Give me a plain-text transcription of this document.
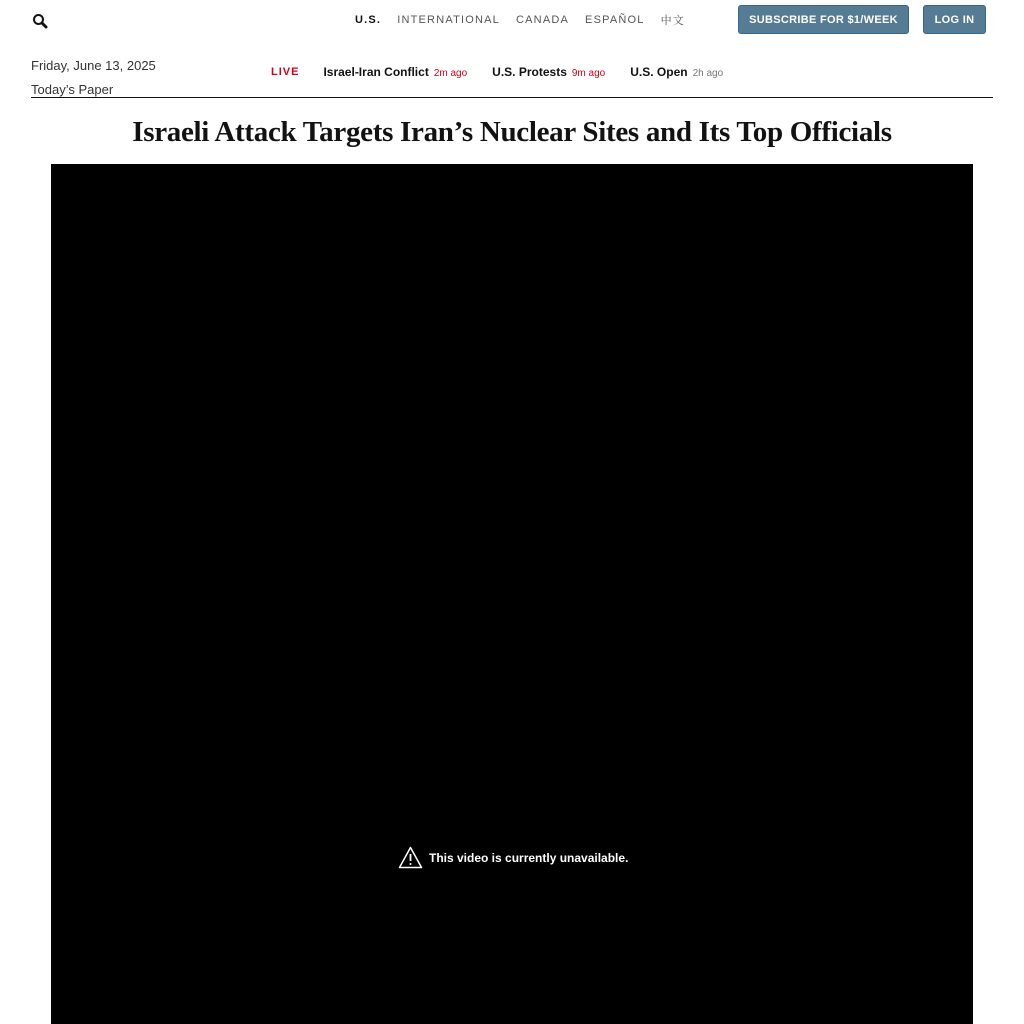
U.S. INTERNATIONAL CANADA ESPAÑOL 中文	SUBSCRIBE FOR $1/WEEK	LOG IN
Friday, June 13, 2025
Today’s Paper
LIVE Israel-Iran Conflict 2m ago U.S. Protests 9m ago U.S. Open 2h ago
Israeli Attack Targets Iran’s Nuclear Sites and Its Top Officials
This video is currently unavailable.
